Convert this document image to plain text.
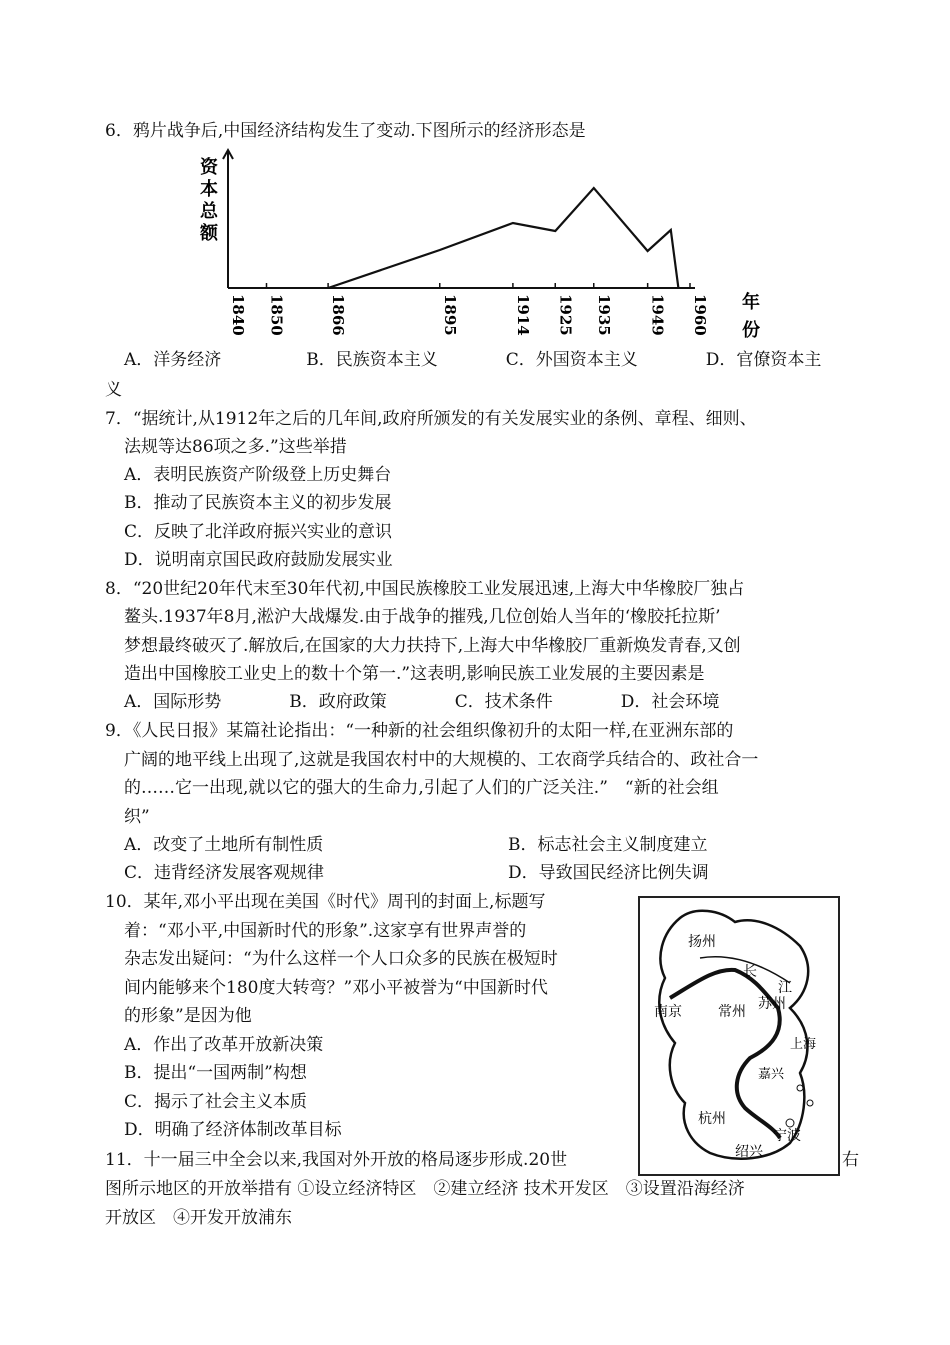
6．鸦片战争后,中国经济结构发生了变动.下图所示的经济形态是
资
本
总
额
年
份
1840 1850	1866	1895	1914 1925 1935 1949 1960
A．洋务经济　　　　　B．民族资本主义　　　　C．外国资本主义　　　　D．官僚资本主
义
7．“据统计,从1912年之后的几年间,政府所颁发的有关发展实业的条例、章程、细则、
法规等达86项之多.”这些举措
A．表明民族资产阶级登上历史舞台
B．推动了民族资本主义的初步发展
C．反映了北洋政府振兴实业的意识
D．说明南京国民政府鼓励发展实业
8．“20世纪20年代末至30年代初,中国民族橡胶工业发展迅速,上海大中华橡胶厂独占
鳌头.1937年8月,淞沪大战爆发.由于战争的摧残,几位创始人当年的‘橡胶托拉斯’
梦想最终破灭了.解放后,在国家的大力扶持下,上海大中华橡胶厂重新焕发青春,又创
造出中国橡胶工业史上的数十个第一.”这表明,影响民族工业发展的主要因素是
A．国际形势　　　　B．政府政策　　　　C．技术条件　　　　D．社会环境
9．《人民日报》某篇社论指出：“一种新的社会组织像初升的太阳一样,在亚洲东部的
广阔的地平线上出现了,这就是我国农村中的大规模的、工农商学兵结合的、政社合一
的……它一出现,就以它的强大的生命力,引起了人们的广泛关注.”　“新的社会组
织”
A．改变了土地所有制性质	B．标志社会主义制度建立
C．违背经济发展客观规律	D．导致国民经济比例失调
10．某年,邓小平出现在美国《时代》周刊的封面上,标题写
着：“邓小平,中国新时代的形象”.这家享有世界声誉的
杂志发出疑问：“为什么这样一个人口众多的民族在极短时
间内能够来个180度大转弯？”邓小平被誉为“中国新时代
的形象”是因为他
A．作出了改革开放新决策
B．提出“一国两制”构想
C．揭示了社会主义本质
D．明确了经济体制改革目标
扬州
长
江
南京	常州 苏州
上海
嘉兴
杭州
绍兴
宁波
11．十一届三中全会以来,我国对外开放的格局逐步形成.20世	右
图所示地区的开放举措有 ①设立经济特区　②建立经济 技术开发区　③设置沿海经济
开放区　④开发开放浦东
